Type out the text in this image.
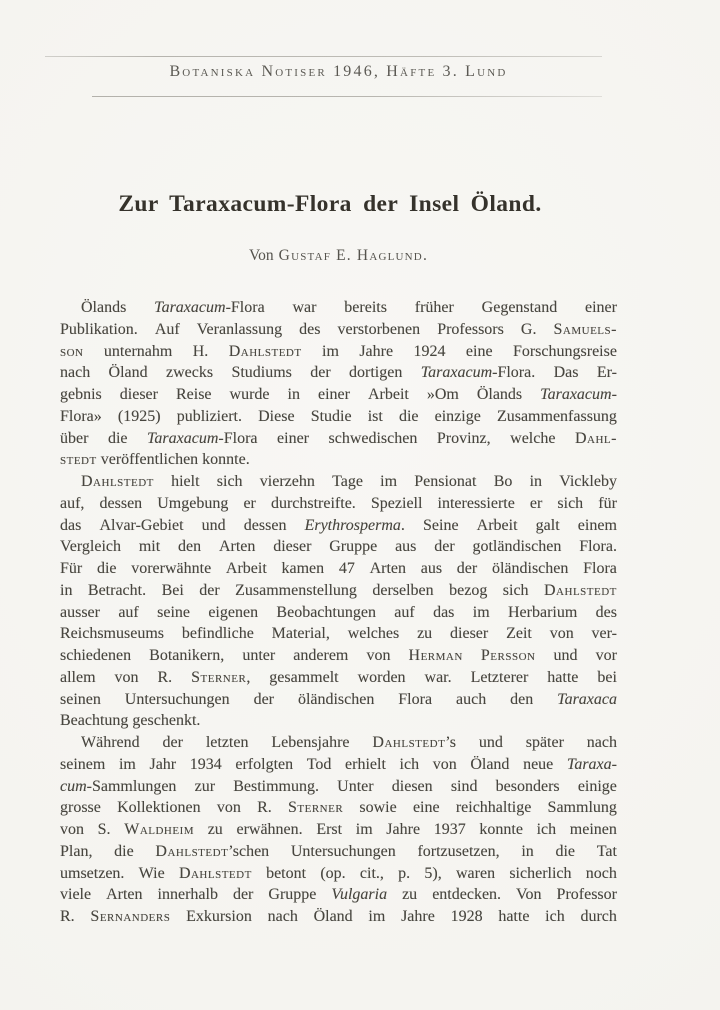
Botaniska Notiser 1946, Häfte 3. Lund
Zur Taraxacum-Flora der Insel Öland.
Von Gustaf E. Haglund.
Ölands Taraxacum-Flora war bereits früher Gegenstand einer
Publikation. Auf Veranlassung des verstorbenen Professors G. Samuels-
son unternahm H. Dahlstedt im Jahre 1924 eine Forschungsreise
nach Öland zwecks Studiums der dortigen Taraxacum-Flora. Das Er-
gebnis dieser Reise wurde in einer Arbeit »Om Ölands Taraxacum-
Flora» (1925) publiziert. Diese Studie ist die einzige Zusammenfassung
über die Taraxacum-Flora einer schwedischen Provinz, welche Dahl-
stedt veröffentlichen konnte.
Dahlstedt hielt sich vierzehn Tage im Pensionat Bo in Vickleby
auf, dessen Umgebung er durchstreifte. Speziell interessierte er sich für
das Alvar-Gebiet und dessen Erythrosperma. Seine Arbeit galt einem
Vergleich mit den Arten dieser Gruppe aus der gotländischen Flora.
Für die vorerwähnte Arbeit kamen 47 Arten aus der öländischen Flora
in Betracht. Bei der Zusammenstellung derselben bezog sich Dahlstedt
ausser auf seine eigenen Beobachtungen auf das im Herbarium des
Reichsmuseums befindliche Material, welches zu dieser Zeit von ver-
schiedenen Botanikern, unter anderem von Herman Persson und vor
allem von R. Sterner, gesammelt worden war. Letzterer hatte bei
seinen Untersuchungen der öländischen Flora auch den Taraxaca
Beachtung geschenkt.
Während der letzten Lebensjahre Dahlstedt’s und später nach
seinem im Jahr 1934 erfolgten Tod erhielt ich von Öland neue Taraxa-
cum-Sammlungen zur Bestimmung. Unter diesen sind besonders einige
grosse Kollektionen von R. Sterner sowie eine reichhaltige Sammlung
von S. Waldheim zu erwähnen. Erst im Jahre 1937 konnte ich meinen
Plan, die Dahlstedt’schen Untersuchungen fortzusetzen, in die Tat
umsetzen. Wie Dahlstedt betont (op. cit., p. 5), waren sicherlich noch
viele Arten innerhalb der Gruppe Vulgaria zu entdecken. Von Professor
R. Sernanders Exkursion nach Öland im Jahre 1928 hatte ich durch
